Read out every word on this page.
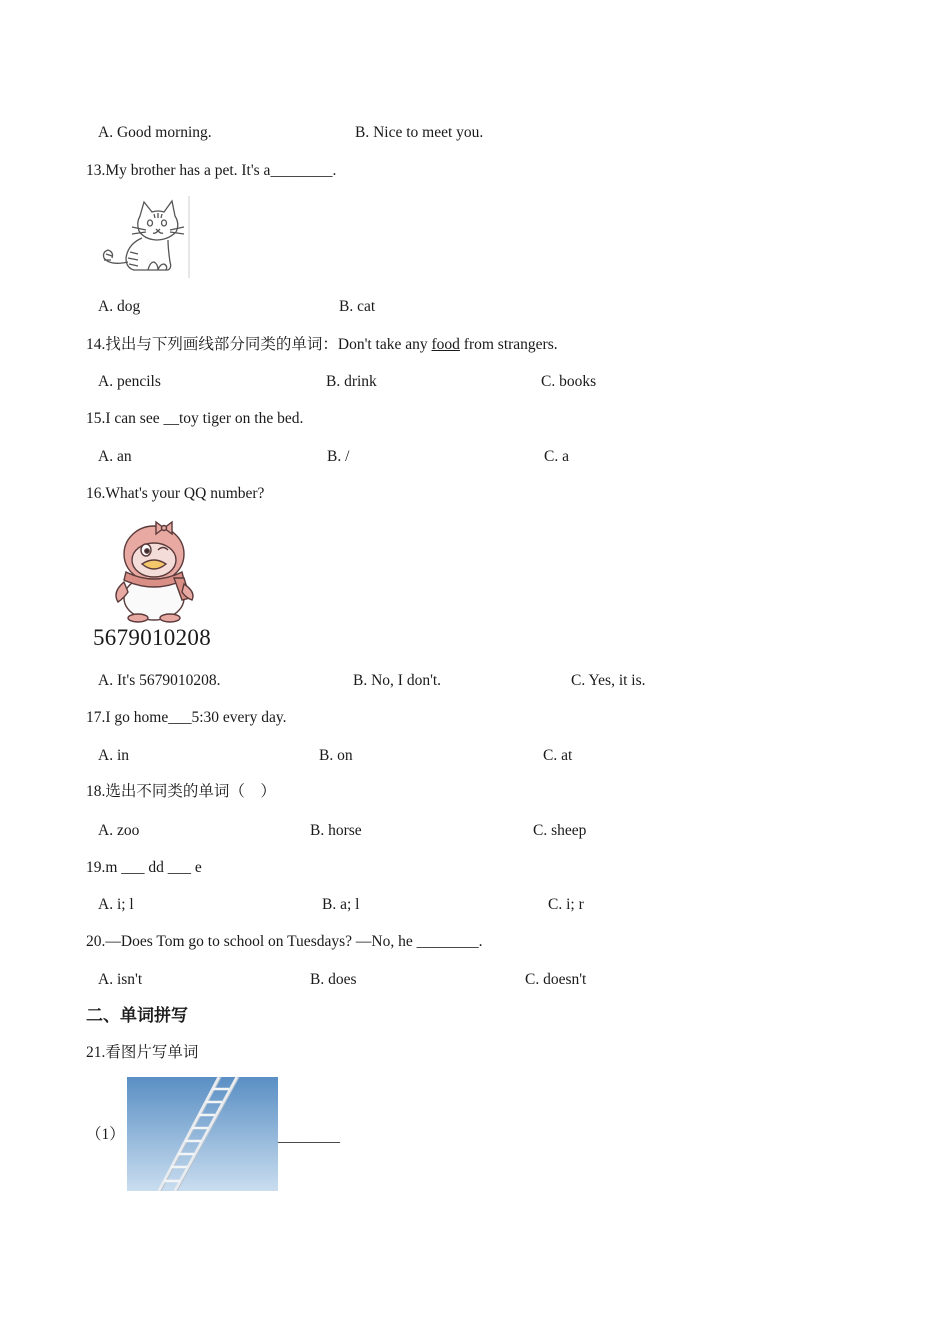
A. Good morning.	B. Nice to meet you.
13.My brother has a pet. It's a________.
A. dog	B. cat
14.找出与下列画线部分同类的单词：Don't take any food from strangers.
A. pencils	B. drink	C. books
15.I can see __toy tiger on the bed.
A. an	B. /	C. a
16.What's your QQ number?
5679010208
A. It's 5679010208.	B. No, I don't.	C. Yes, it is.
17.I go home___5:30 every day.
A. in	B. on	C. at
18.选出不同类的单词（　）
A. zoo	B. horse	C. sheep
19.m ___ dd ___ e
A. i; l	B. a; l	C. i; r
20.—Does Tom go to school on Tuesdays? —No, he ________.
A. isn't	B. does	C. doesn't
二、单词拼写
21.看图片写单词
（1）	________
